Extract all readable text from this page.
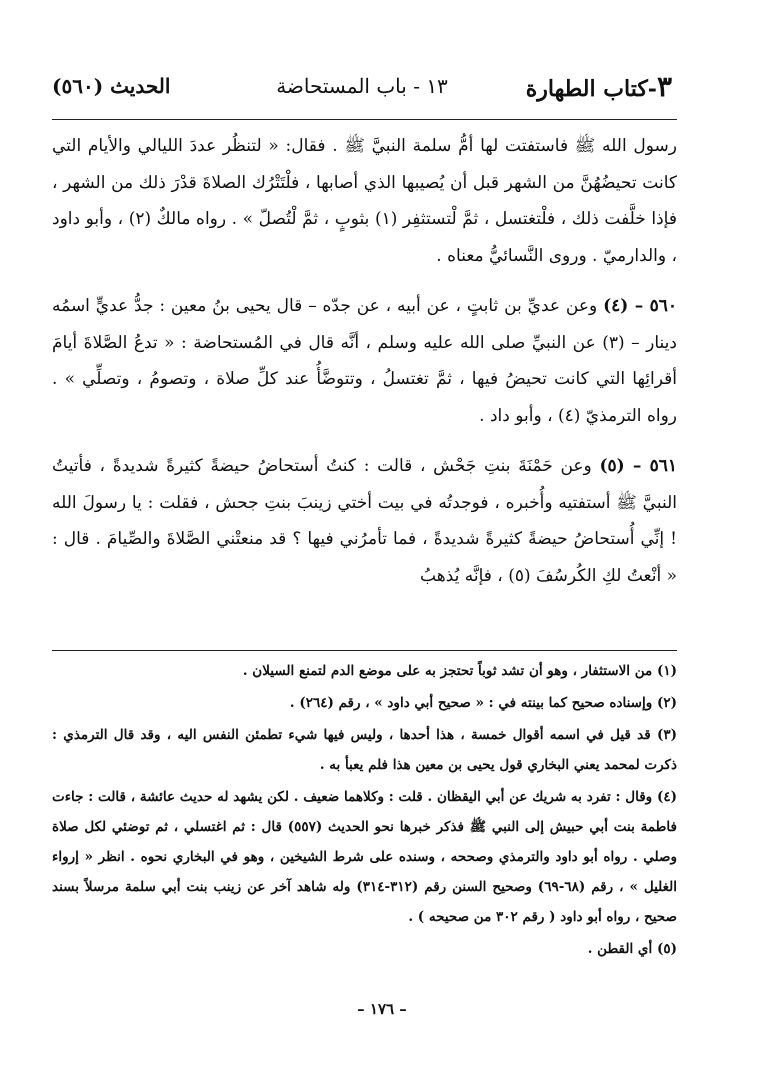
٣-كتاب الطهارة
١٣ - باب المستحاضة
الحديث (٥٦٠)

رسول الله ﷺ فاستفتت لها أمُّ سلمة النبيَّ ﷺ . فقال: « لتنظُر عددَ الليالي والأيام التي كانت تحيضُهُنَّ من الشهر قبل أن يُصيبها الذي أصابها ، فلْتَتْرُك الصلاةَ قدْرَ ذلك من الشهر ، فإذا خلَّفت ذلك ، فلْتغتسل ، ثمَّ لْتستثفِر (١) بثوبٍ ، ثمَّ لْتُصلّ » . رواه مالكٌ (٢) ، وأبو داود ، والدارميّ . وروى النَّسائيُّ معناه .

٥٦٠ – (٤) وعن عديِّ بن ثابتٍ ، عن أبيه ، عن جدّه – قال يحيى بنُ معين : جدُّ عديٍّ اسمُه دينار – (٣) عن النبيِّ صلى الله عليه وسلم ، أنَّه قال في المُستحاضة : « تدعُ الصَّلاةَ أيامَ أقرائِها التي كانت تحيضُ فيها ، ثمَّ تغتسلُ ، وتتوضَّأُ عند كلِّ صلاة ، وتصومُ ، وتصلِّي » . رواه الترمذيّ (٤) ، وأبو داد .

٥٦١ – (٥) وعن حَمْنَةَ بنتِ جَحْش ، قالت : كنتُ أستحاضُ حيضةً كثيرةً شديدةً ، فأتيتُ النبيَّ ﷺ أستفتيه وأُخبره ، فوجدتُه في بيت أختي زينبَ بنتِ جحش ، فقلت : يا رسولَ الله ! إنِّي أُستحاضُ حيضةً كثيرةً شديدةً ، فما تأمرُني فيها ؟ قد منعتْني الصَّلاةَ والصِّيامَ . قال : « أنْعتُ لكِ الكُرسُفَ (٥) ، فإنَّه يُذهبُ

(١) من الاستثفار ، وهو أن تشد ثوباً تحتجز به على موضع الدم لتمنع السيلان .

(٢) وإسناده صحيح كما بينته في : « صحيح أبي داود » ، رقم (٢٦٤) .

(٣) قد قيل في اسمه أقوال خمسة ، هذا أحدها ، وليس فيها شيء تطمئن النفس اليه ، وقد قال الترمذي : ذكرت لمحمد يعني البخاري قول يحيى بن معين هذا فلم يعبأ به .

(٤) وقال : تفرد به شريك عن أبي اليقظان . قلت : وكلاهما ضعيف . لكن يشهد له حديث عائشة ، قالت : جاءت فاطمة بنت أبي حبيش إلى النبي ﷺ فذكر خبرها نحو الحديث (٥٥٧) قال : ثم اغتسلي ، ثم توضئي لكل صلاة وصلي . رواه أبو داود والترمذي وصححه ، وسنده على شرط الشيخين ، وهو في البخاري نحوه . انظر « إرواء الغليل » ، رقم (٦٨-٦٩) وصحيح السنن رقم (٣١٢-٣١٤) وله شاهد آخر عن زينب بنت أبي سلمة مرسلاً بسند صحيح ، رواه أبو داود ( رقم ٣٠٢ من صحيحه ) .

(٥) أي القطن .

– ١٧٦ –
